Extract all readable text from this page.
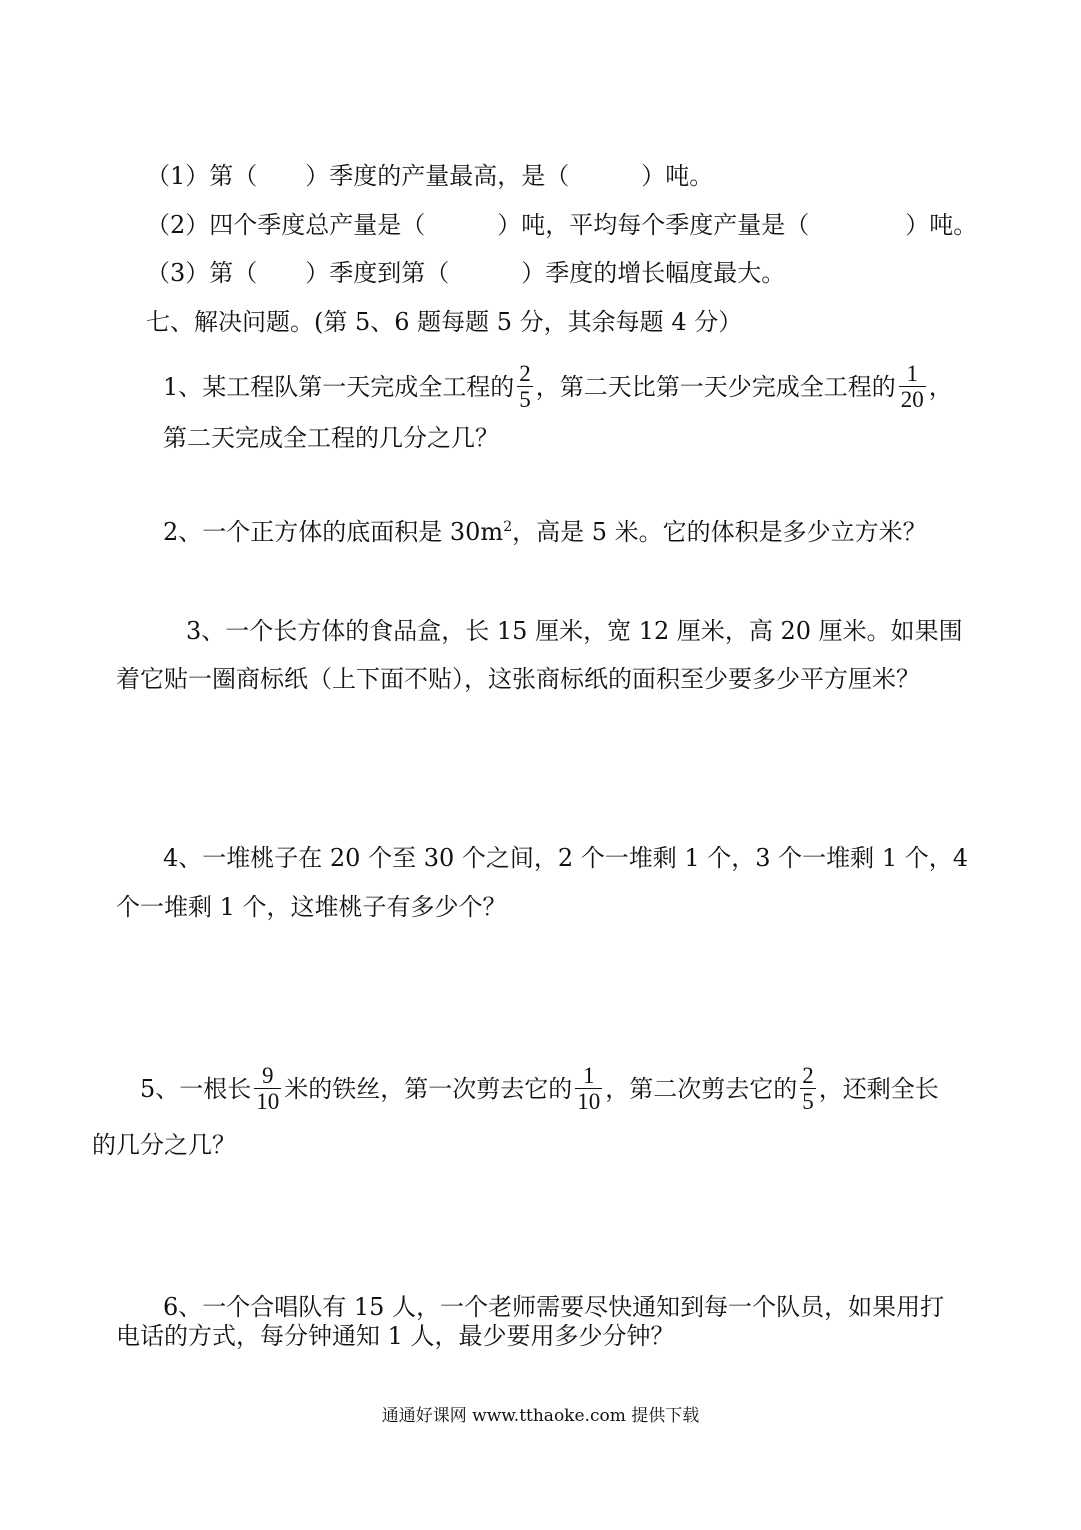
（1）第（　　）季度的产量最高，是（　　　）吨。
（2）四个季度总产量是（　　　）吨，平均每个季度产量是（　　　　）吨。
（3）第（　　）季度到第（　　　）季度的增长幅度最大。
七、解决问题。(第 5、6 题每题 5 分，其余每题 4 分）
1、某工程队第一天完成全工程的 $\frac{2}{5}$ ，第二天比第一天少完成全工程的 $\frac{1}{20}$ ，
第二天完成全工程的几分之几？
2、一个正方体的底面积是 $30m^2$，高是 5 米。它的体积是多少立方米？
3、一个长方体的食品盒，长 15 厘米，宽 12 厘米，高 20 厘米。如果围
着它贴一圈商标纸（上下面不贴），这张商标纸的面积至少要多少平方厘米？
4、一堆桃子在 20 个至 30 个之间，2 个一堆剩 1 个，3 个一堆剩 1 个，4
个一堆剩 1 个，这堆桃子有多少个？
5、一根长 $\frac{9}{10}$ 米的铁丝，第一次剪去它的 $\frac{1}{10}$ ，第二次剪去它的 $\frac{2}{5}$ ，还剩全长
的几分之几？
6、一个合唱队有 15 人，一个老师需要尽快通知到每一个队员，如果用打
电话的方式，每分钟通知 1 人，最少要用多少分钟？
通通好课网 www.tthaoke.com 提供下载
